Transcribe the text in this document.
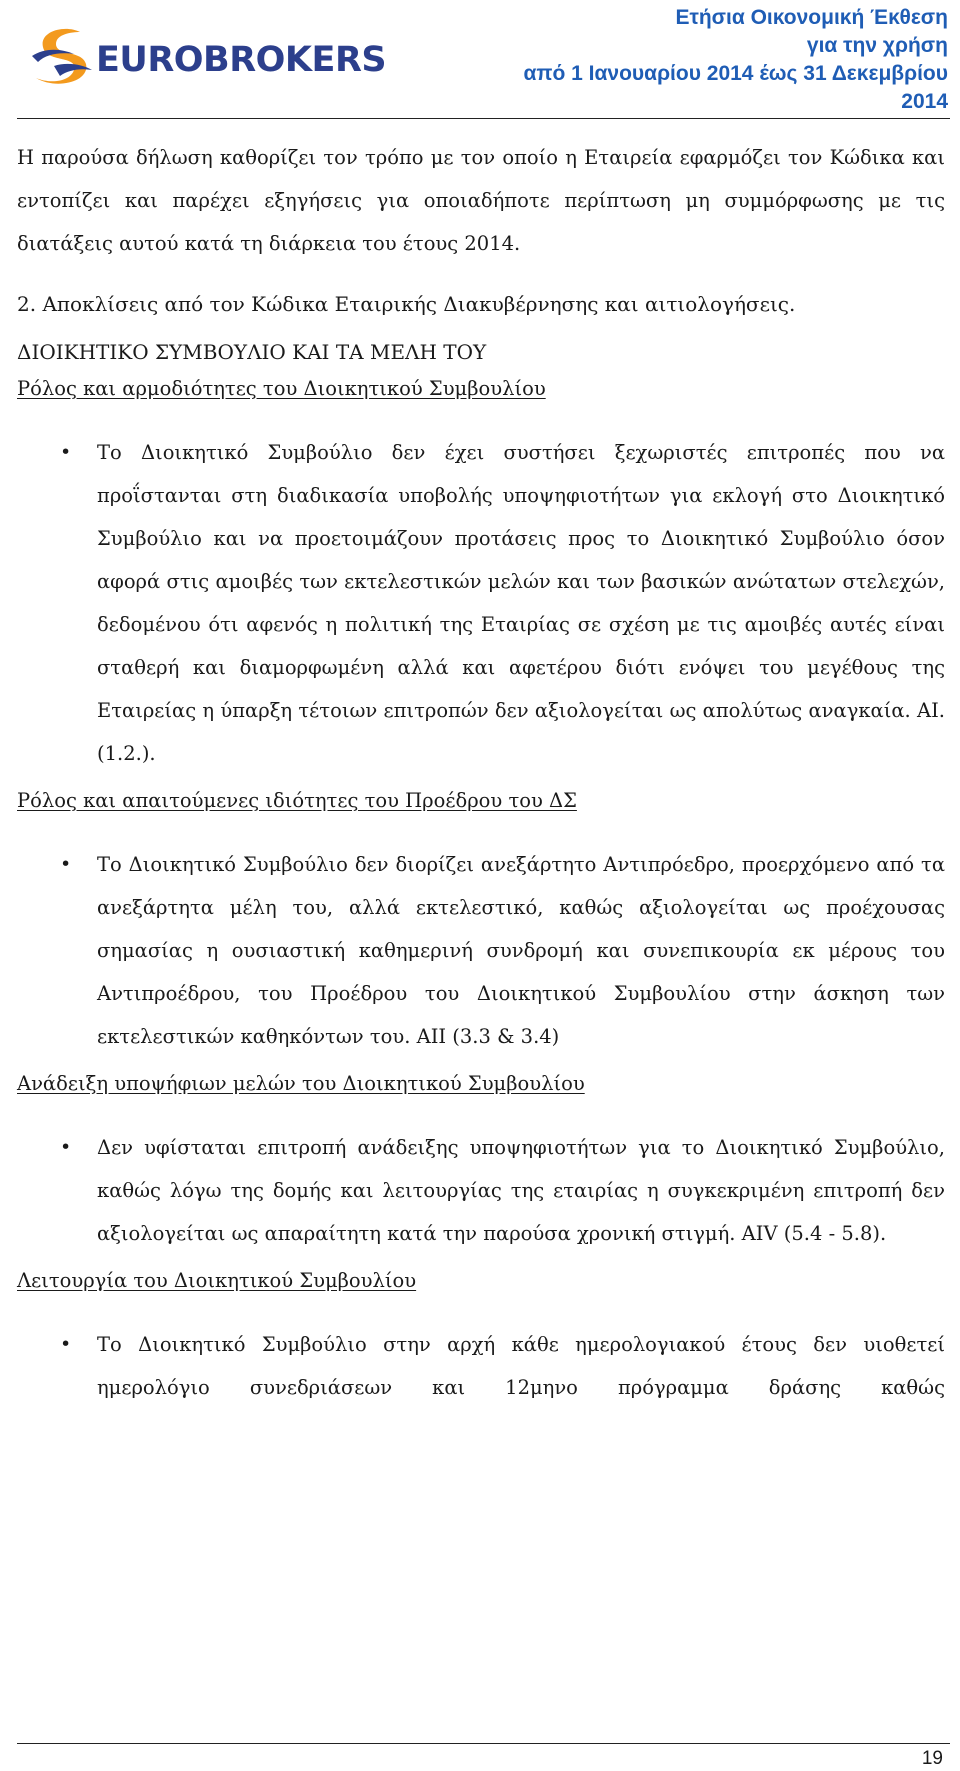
EUROBROKERS
Ετήσια Οικονομική Έκθεση
για την χρήση
από 1 Ιανουαρίου 2014 έως 31 Δεκεμβρίου
2014

Η παρούσα δήλωση καθορίζει τον τρόπο με τον οποίο η Εταιρεία εφαρμόζει τον Κώδικα και εντοπίζει και παρέχει εξηγήσεις για οποιαδήποτε περίπτωση μη συμμόρφωσης με τις διατάξεις αυτού κατά τη διάρκεια του έτους 2014.

2. Αποκλίσεις από τον Κώδικα Εταιρικής Διακυβέρνησης και αιτιολογήσεις.

ΔΙΟΙΚΗΤΙΚΟ ΣΥΜΒΟΥΛΙΟ ΚΑΙ ΤΑ ΜΕΛΗ ΤΟΥ

Ρόλος και αρμοδιότητες του Διοικητικού Συμβουλίου

• Το Διοικητικό Συμβούλιο δεν έχει συστήσει ξεχωριστές επιτροπές που να προΐστανται στη διαδικασία υποβολής υποψηφιοτήτων για εκλογή στο Διοικητικό Συμβούλιο και να προετοιμάζουν προτάσεις προς το Διοικητικό Συμβούλιο όσον αφορά στις αμοιβές των εκτελεστικών μελών και των βασικών ανώτατων στελεχών, δεδομένου ότι αφενός η πολιτική της Εταιρίας σε σχέση με τις αμοιβές αυτές είναι σταθερή και διαμορφωμένη αλλά και αφετέρου διότι ενόψει του μεγέθους της Εταιρείας η ύπαρξη τέτοιων επιτροπών δεν αξιολογείται ως απολύτως αναγκαία. ΑΙ.(1.2.).

Ρόλος και απαιτούμενες ιδιότητες του Προέδρου του ΔΣ

• Το Διοικητικό Συμβούλιο δεν διορίζει ανεξάρτητο Αντιπρόεδρο, προερχόμενο από τα ανεξάρτητα μέλη του, αλλά εκτελεστικό, καθώς αξιολογείται ως προέχουσας σημασίας η ουσιαστική καθημερινή συνδρομή και συνεπικουρία εκ μέρους του Αντιπροέδρου, του Προέδρου του Διοικητικού Συμβουλίου στην άσκηση των εκτελεστικών καθηκόντων του. ΑΙΙ (3.3 & 3.4)

Ανάδειξη υποψήφιων μελών του Διοικητικού Συμβουλίου

• Δεν υφίσταται επιτροπή ανάδειξης υποψηφιοτήτων για το Διοικητικό Συμβούλιο, καθώς λόγω της δομής και λειτουργίας της εταιρίας η συγκεκριμένη επιτροπή δεν αξιολογείται ως απαραίτητη κατά την παρούσα χρονική στιγμή. ΑΙV (5.4 - 5.8).

Λειτουργία του Διοικητικού Συμβουλίου

• Το Διοικητικό Συμβούλιο στην αρχή κάθε ημερολογιακού έτους δεν υιοθετεί ημερολόγιο συνεδριάσεων και 12μηνο πρόγραμμα δράσης καθώς

19
